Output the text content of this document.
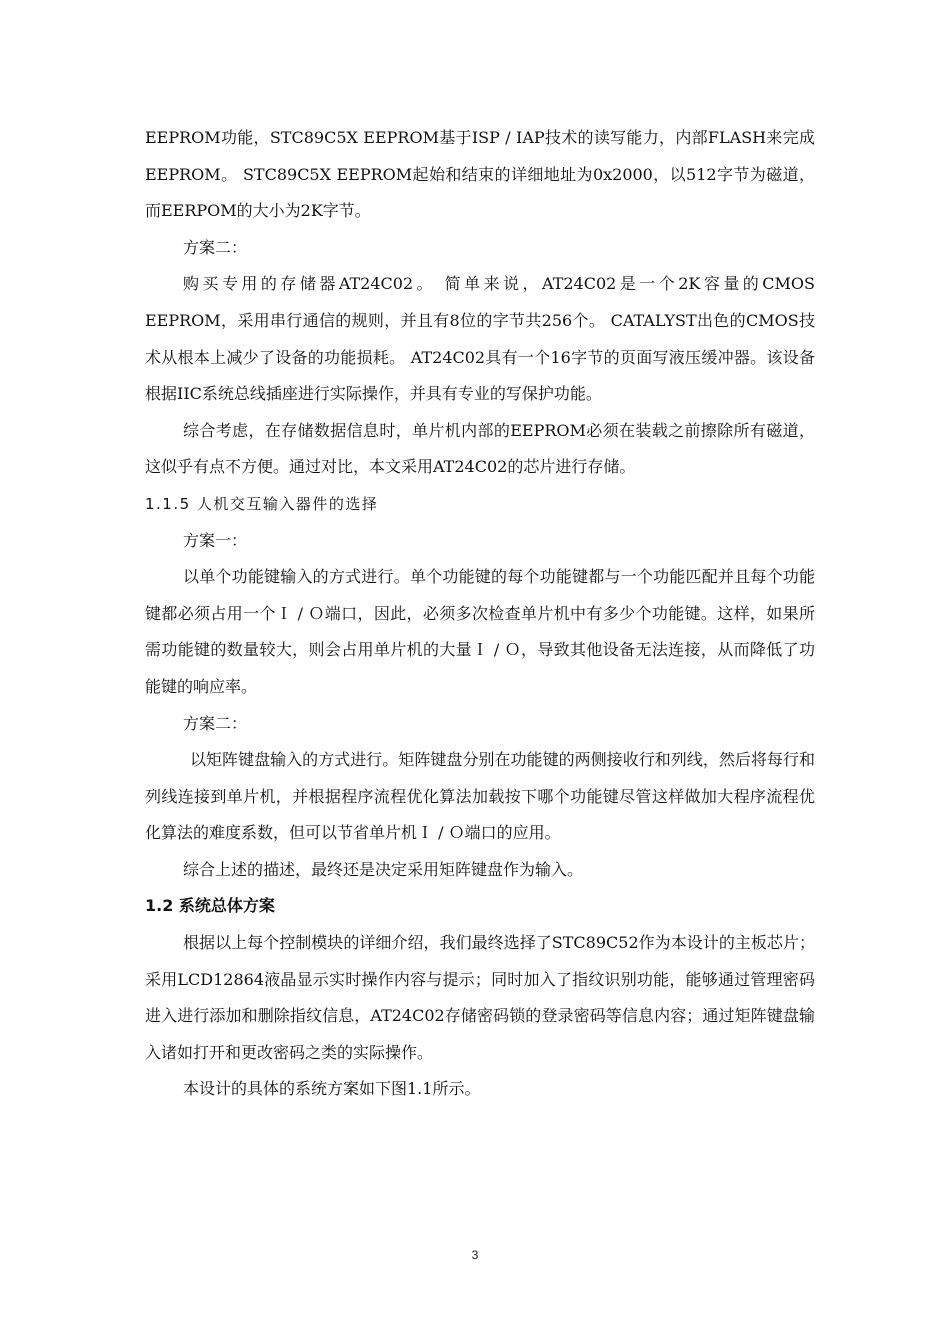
EEPROM功能，STC89C5X EEPROM基于ISP / IAP技术的读写能力，内部FLASH来完成EEPROM。 STC89C5X EEPROM起始和结束的详细地址为0x2000，以512字节为磁道，而EERPOM的大小为2K字节。

方案二：

购买专用的存储器AT24C02。 简单来说，AT24C02是一个2K容量的CMOS EEPROM，采用串行通信的规则，并且有8位的字节共256个。 CATALYST出色的CMOS技术从根本上减少了设备的功能损耗。 AT24C02具有一个16字节的页面写液压缓冲器。该设备根据IIC系统总线插座进行实际操作，并具有专业的写保护功能。

综合考虑，在存储数据信息时，单片机内部的EEPROM必须在装载之前擦除所有磁道，这似乎有点不方便。通过对比，本文采用AT24C02的芯片进行存储。

1.1.5 人机交互输入器件的选择

方案一：

以单个功能键输入的方式进行。单个功能键的每个功能键都与一个功能匹配并且每个功能键都必须占用一个Ｉ / Ｏ端口，因此，必须多次检查单片机中有多少个功能键。这样，如果所需功能键的数量较大，则会占用单片机的大量Ｉ / Ｏ，导致其他设备无法连接，从而降低了功能键的响应率。

方案二：

以矩阵键盘输入的方式进行。矩阵键盘分别在功能键的两侧接收行和列线，然后将每行和列线连接到单片机，并根据程序流程优化算法加载按下哪个功能键尽管这样做加大程序流程优化算法的难度系数，但可以节省单片机Ｉ / Ｏ端口的应用。

综合上述的描述，最终还是决定采用矩阵键盘作为输入。

1.2 系统总体方案

根据以上每个控制模块的详细介绍，我们最终选择了STC89C52作为本设计的主板芯片；采用LCD12864液晶显示实时操作内容与提示；同时加入了指纹识别功能，能够通过管理密码进入进行添加和删除指纹信息，AT24C02存储密码锁的登录密码等信息内容；通过矩阵键盘输入诸如打开和更改密码之类的实际操作。

本设计的具体的系统方案如下图1.1所示。

3
